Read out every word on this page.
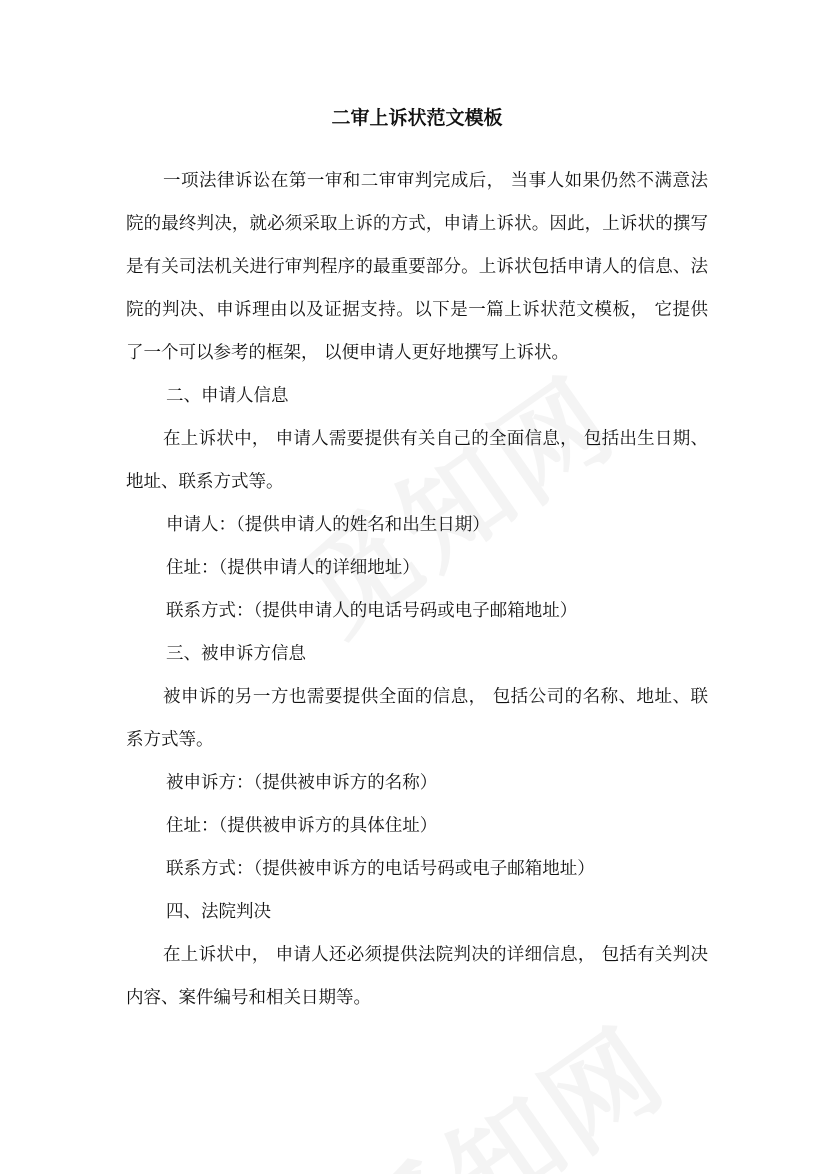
二审上诉状范文模板

一项法律诉讼在第一审和二审审判完成后， 当事人如果仍然不满意法院的最终判决，就必须采取上诉的方式，申请上诉状。因此，上诉状的撰写是有关司法机关进行审判程序的最重要部分。上诉状包括申请人的信息、法院的判决、申诉理由以及证据支持。以下是一篇上诉状范文模板， 它提供了一个可以参考的框架， 以便申请人更好地撰写上诉状。

二、申请人信息

在上诉状中， 申请人需要提供有关自己的全面信息， 包括出生日期、地址、联系方式等。

申请人：（提供申请人的姓名和出生日期）

住址：（提供申请人的详细地址）

联系方式：（提供申请人的电话号码或电子邮箱地址）

三、被申诉方信息

被申诉的另一方也需要提供全面的信息， 包括公司的名称、地址、联系方式等。

被申诉方：（提供被申诉方的名称）

住址：（提供被申诉方的具体住址）

联系方式：（提供被申诉方的电话号码或电子邮箱地址）

四、法院判决

在上诉状中， 申请人还必须提供法院判决的详细信息， 包括有关判决内容、案件编号和相关日期等。
